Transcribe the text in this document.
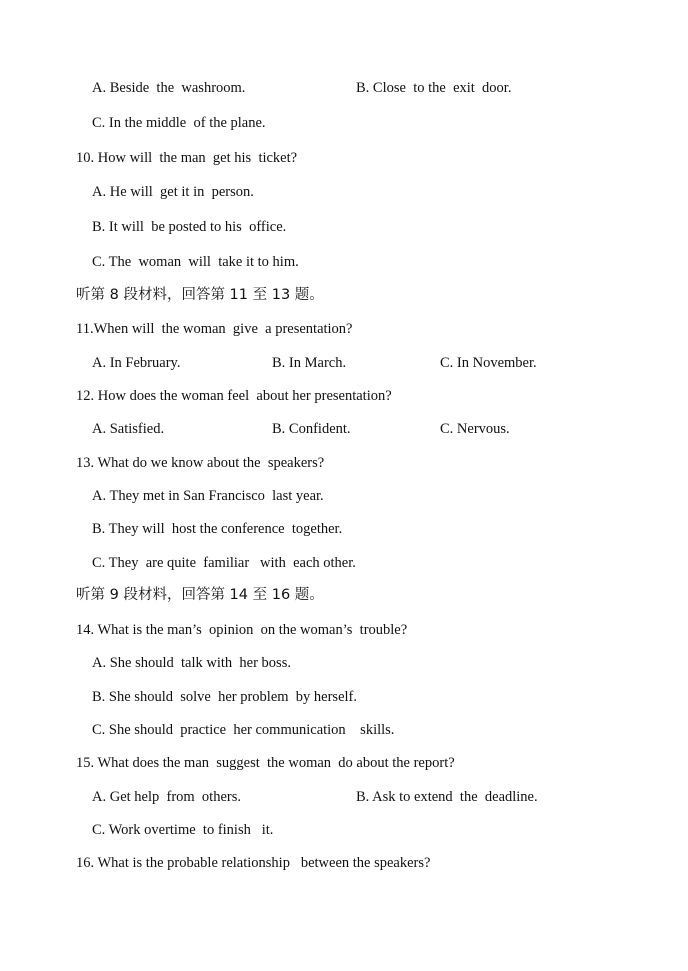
A. Beside  the  washroom.	B. Close  to the  exit  door.
C. In the middle  of the plane.
10. How will  the man  get his  ticket?
A. He will  get it in  person.
B. It will  be posted to his  office.
C. The  woman  will  take it to him.
听第 8 段材料，回答第 11 至 13 题。
11.When will  the woman  give  a presentation?
A. In February.	B. In March.	C. In November.
12. How does the woman feel  about her presentation?
A. Satisfied.	B. Confident.	C. Nervous.
13. What do we know about the  speakers?
A. They met in San Francisco  last year.
B. They will  host the conference  together.
C. They  are quite  familiar   with  each other.
听第 9 段材料，回答第 14 至 16 题。
14. What is the man’s  opinion  on the woman’s  trouble?
A. She should  talk with  her boss.
B. She should  solve  her problem  by herself.
C. She should  practice  her communication    skills.
15. What does the man  suggest  the woman  do about the report?
A. Get help  from  others.	B. Ask to extend  the  deadline.
C. Work overtime  to finish   it.
16. What is the probable relationship   between the speakers?
